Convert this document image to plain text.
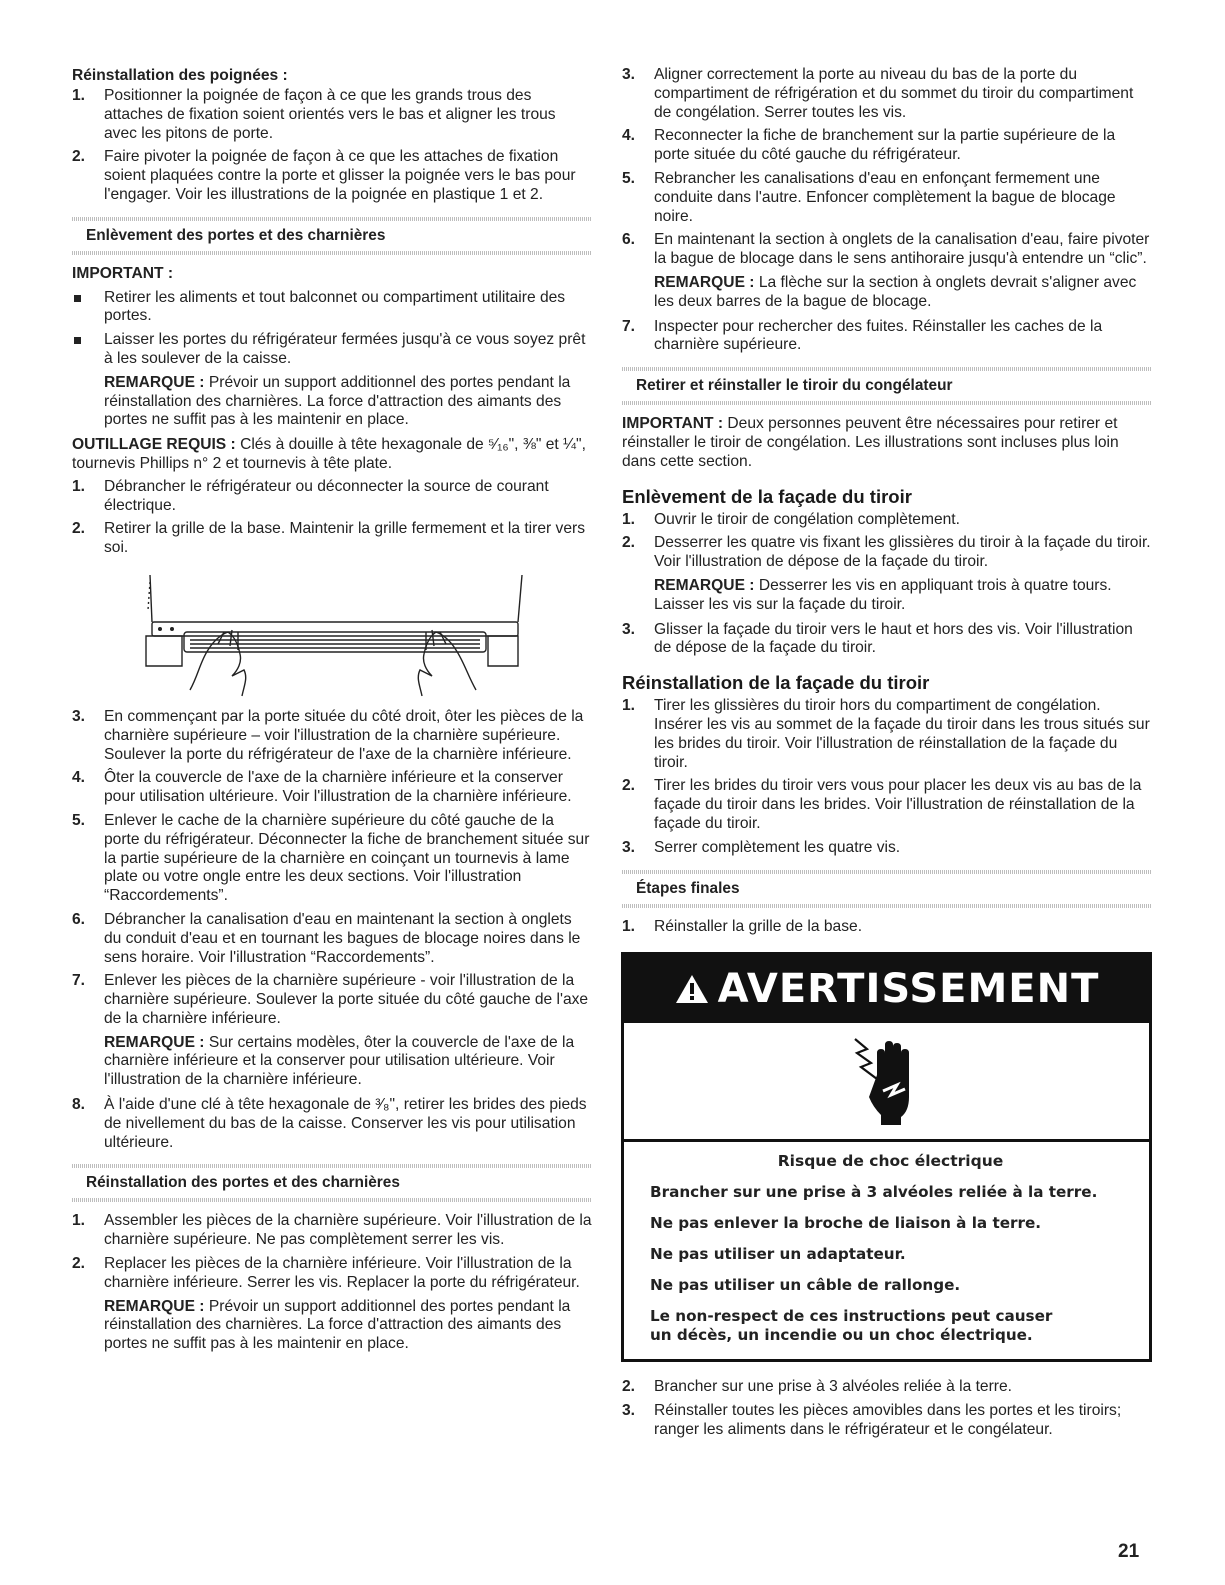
Réinstallation des poignées :
1. Positionner la poignée de façon à ce que les grands trous des attaches de fixation soient orientés vers le bas et aligner les trous avec les pitons de porte.
2. Faire pivoter la poignée de façon à ce que les attaches de fixation soient plaquées contre la porte et glisser la poignée vers le bas pour l'engager. Voir les illustrations de la poignée en plastique 1 et 2.
Enlèvement des portes et des charnières
IMPORTANT :
Retirer les aliments et tout balconnet ou compartiment utilitaire des portes.
Laisser les portes du réfrigérateur fermées jusqu'à ce vous soyez prêt à les soulever de la caisse.
REMARQUE : Prévoir un support additionnel des portes pendant la réinstallation des charnières. La force d'attraction des aimants des portes ne suffit pas à les maintenir en place.
OUTILLAGE REQUIS : Clés à douille à tête hexagonale de ⁵⁄₁₆", ⅜" et ¼", tournevis Phillips n° 2 et tournevis à tête plate.
1. Débrancher le réfrigérateur ou déconnecter la source de courant électrique.
2. Retirer la grille de la base. Maintenir la grille fermement et la tirer vers soi.
3. En commençant par la porte située du côté droit, ôter les pièces de la charnière supérieure – voir l'illustration de la charnière supérieure. Soulever la porte du réfrigérateur de l'axe de la charnière inférieure.
4. Ôter la couvercle de l'axe de la charnière inférieure et la conserver pour utilisation ultérieure. Voir l'illustration de la charnière inférieure.
5. Enlever le cache de la charnière supérieure du côté gauche de la porte du réfrigérateur. Déconnecter la fiche de branchement située sur la partie supérieure de la charnière en coinçant un tournevis à lame plate ou votre ongle entre les deux sections. Voir l'illustration “Raccordements”.
6. Débrancher la canalisation d'eau en maintenant la section à onglets du conduit d'eau et en tournant les bagues de blocage noires dans le sens horaire. Voir l'illustration “Raccordements”.
7. Enlever les pièces de la charnière supérieure - voir l'illustration de la charnière supérieure. Soulever la porte située du côté gauche de l'axe de la charnière inférieure.
REMARQUE : Sur certains modèles, ôter la couvercle de l'axe de la charnière inférieure et la conserver pour utilisation ultérieure. Voir l'illustration de la charnière inférieure.
8. À l'aide d'une clé à tête hexagonale de ³⁄₈", retirer les brides des pieds de nivellement du bas de la caisse. Conserver les vis pour utilisation ultérieure.
Réinstallation des portes et des charnières
1. Assembler les pièces de la charnière supérieure. Voir l'illustration de la charnière supérieure. Ne pas complètement serrer les vis.
2. Replacer les pièces de la charnière inférieure. Voir l'illustration de la charnière inférieure. Serrer les vis. Replacer la porte du réfrigérateur.
REMARQUE : Prévoir un support additionnel des portes pendant la réinstallation des charnières. La force d'attraction des aimants des portes ne suffit pas à les maintenir en place.
3. Aligner correctement la porte au niveau du bas de la porte du compartiment de réfrigération et du sommet du tiroir du compartiment de congélation. Serrer toutes les vis.
4. Reconnecter la fiche de branchement sur la partie supérieure de la porte située du côté gauche du réfrigérateur.
5. Rebrancher les canalisations d'eau en enfonçant fermement une conduite dans l'autre. Enfoncer complètement la bague de blocage noire.
6. En maintenant la section à onglets de la canalisation d'eau, faire pivoter la bague de blocage dans le sens antihoraire jusqu'à entendre un “clic”.
REMARQUE : La flèche sur la section à onglets devrait s'aligner avec les deux barres de la bague de blocage.
7. Inspecter pour rechercher des fuites. Réinstaller les caches de la charnière supérieure.
Retirer et réinstaller le tiroir du congélateur
IMPORTANT : Deux personnes peuvent être nécessaires pour retirer et réinstaller le tiroir de congélation. Les illustrations sont incluses plus loin dans cette section.
Enlèvement de la façade du tiroir
1. Ouvrir le tiroir de congélation complètement.
2. Desserrer les quatre vis fixant les glissières du tiroir à la façade du tiroir. Voir l'illustration de dépose de la façade du tiroir.
REMARQUE : Desserrer les vis en appliquant trois à quatre tours. Laisser les vis sur la façade du tiroir.
3. Glisser la façade du tiroir vers le haut et hors des vis. Voir l'illustration de dépose de la façade du tiroir.
Réinstallation de la façade du tiroir
1. Tirer les glissières du tiroir hors du compartiment de congélation. Insérer les vis au sommet de la façade du tiroir dans les trous situés sur les brides du tiroir. Voir l'illustration de réinstallation de la façade du tiroir.
2. Tirer les brides du tiroir vers vous pour placer les deux vis au bas de la façade du tiroir dans les brides. Voir l'illustration de réinstallation de la façade du tiroir.
3. Serrer complètement les quatre vis.
Étapes finales
1. Réinstaller la grille de la base.
AVERTISSEMENT
Risque de choc électrique

Brancher sur une prise à 3 alvéoles reliée à la terre.

Ne pas enlever la broche de liaison à la terre.

Ne pas utiliser un adaptateur.

Ne pas utiliser un câble de rallonge.

Le non-respect de ces instructions peut causer
un décès, un incendie ou un choc électrique.

2. Brancher sur une prise à 3 alvéoles reliée à la terre.
3. Réinstaller toutes les pièces amovibles dans les portes et les tiroirs; ranger les aliments dans le réfrigérateur et le congélateur.
21
